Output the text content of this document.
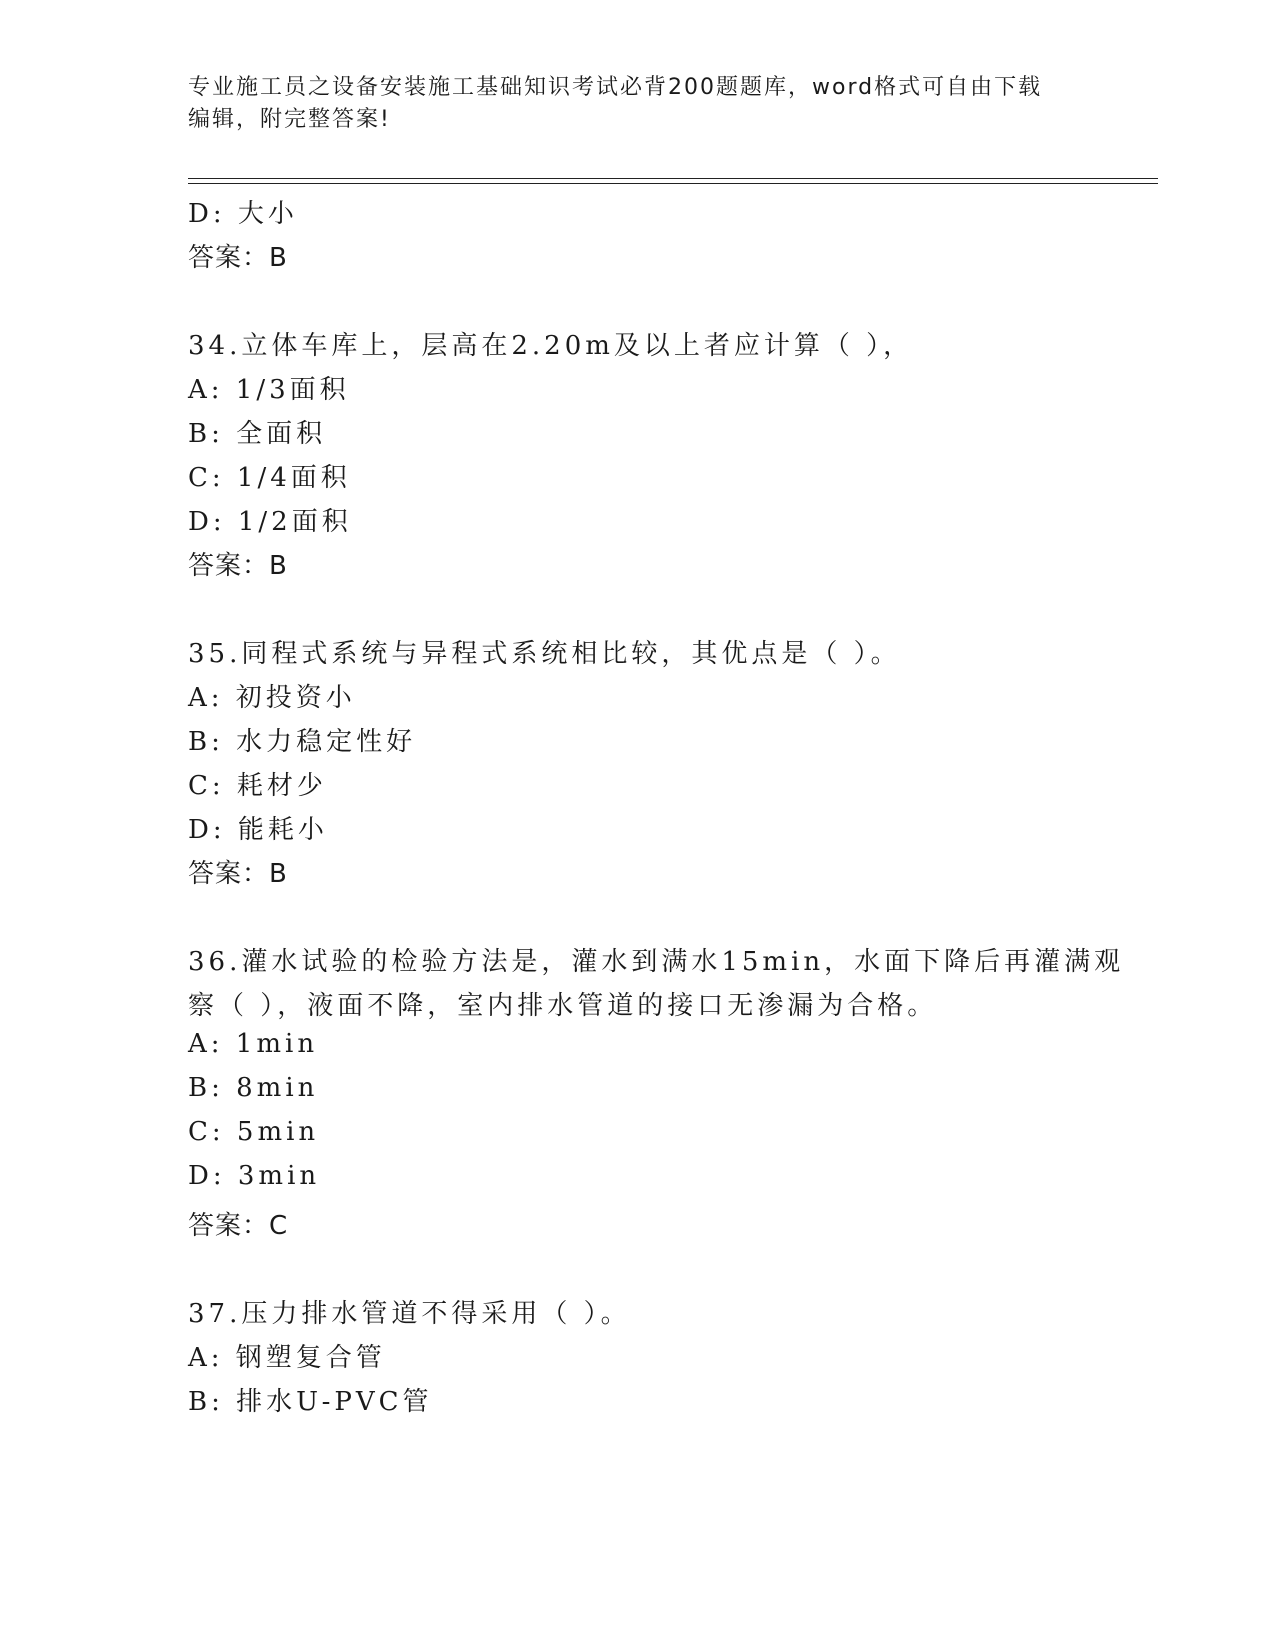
专业施工员之设备安装施工基础知识考试必背200题题库，word格式可自由下载
编辑，附完整答案!
D: 大小
答案：B
34.立体车库上，层高在2.20m及以上者应计算（ ），
A: 1/3面积
B: 全面积
C: 1/4面积
D: 1/2面积
答案：B
35.同程式系统与异程式系统相比较，其优点是（ ）。
A: 初投资小
B: 水力稳定性好
C: 耗材少
D: 能耗小
答案：B
36.灌水试验的检验方法是，灌水到满水15min，水面下降后再灌满观
察（ ），液面不降，室内排水管道的接口无渗漏为合格。
A: 1min
B: 8min
C: 5min
D: 3min
答案：C
37.压力排水管道不得采用（ ）。
A: 钢塑复合管
B: 排水U-PVC管
